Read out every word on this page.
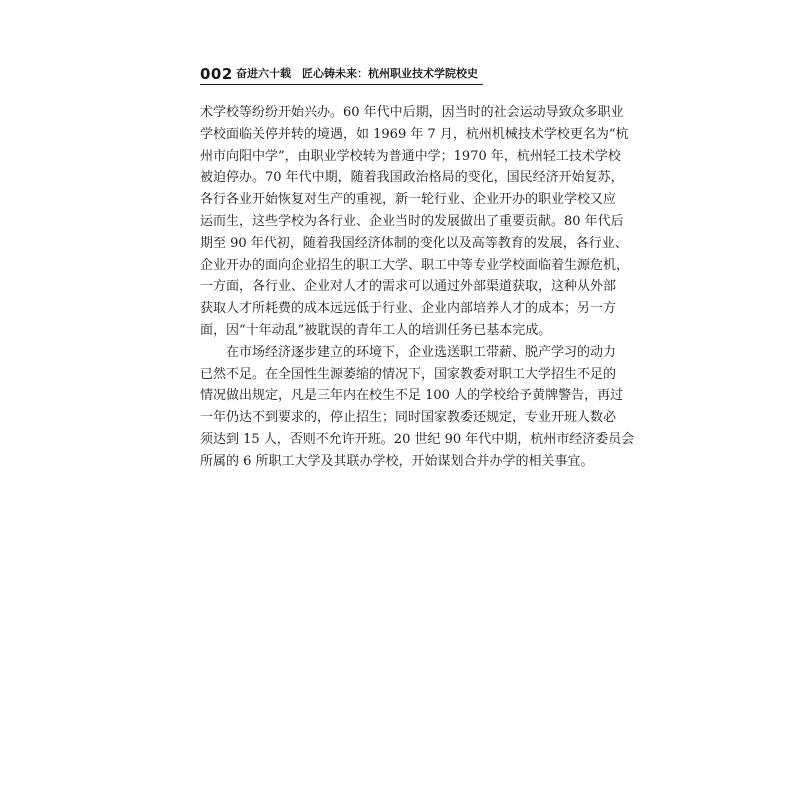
002 奋进六十载　匠心铸未来：杭州职业技术学院校史
术学校等纷纷开始兴办。60 年代中后期，因当时的社会运动导致众多职业
学校面临关停并转的境遇，如 1969 年 7 月，杭州机械技术学校更名为“杭
州市向阳中学”，由职业学校转为普通中学；1970 年，杭州轻工技术学校
被迫停办。70 年代中期，随着我国政治格局的变化，国民经济开始复苏，
各行各业开始恢复对生产的重视，新一轮行业、企业开办的职业学校又应
运而生，这些学校为各行业、企业当时的发展做出了重要贡献。80 年代后
期至 90 年代初，随着我国经济体制的变化以及高等教育的发展，各行业、
企业开办的面向企业招生的职工大学、职工中等专业学校面临着生源危机，
一方面，各行业、企业对人才的需求可以通过外部渠道获取，这种从外部
获取人才所耗费的成本远远低于行业、企业内部培养人才的成本；另一方
面，因“十年动乱”被耽误的青年工人的培训任务已基本完成。
在市场经济逐步建立的环境下，企业选送职工带薪、脱产学习的动力
已然不足。在全国性生源萎缩的情况下，国家教委对职工大学招生不足的
情况做出规定，凡是三年内在校生不足 100 人的学校给予黄牌警告，再过
一年仍达不到要求的，停止招生；同时国家教委还规定，专业开班人数必
须达到 15 人，否则不允许开班。20 世纪 90 年代中期，杭州市经济委员会
所属的 6 所职工大学及其联办学校，开始谋划合并办学的相关事宜。
